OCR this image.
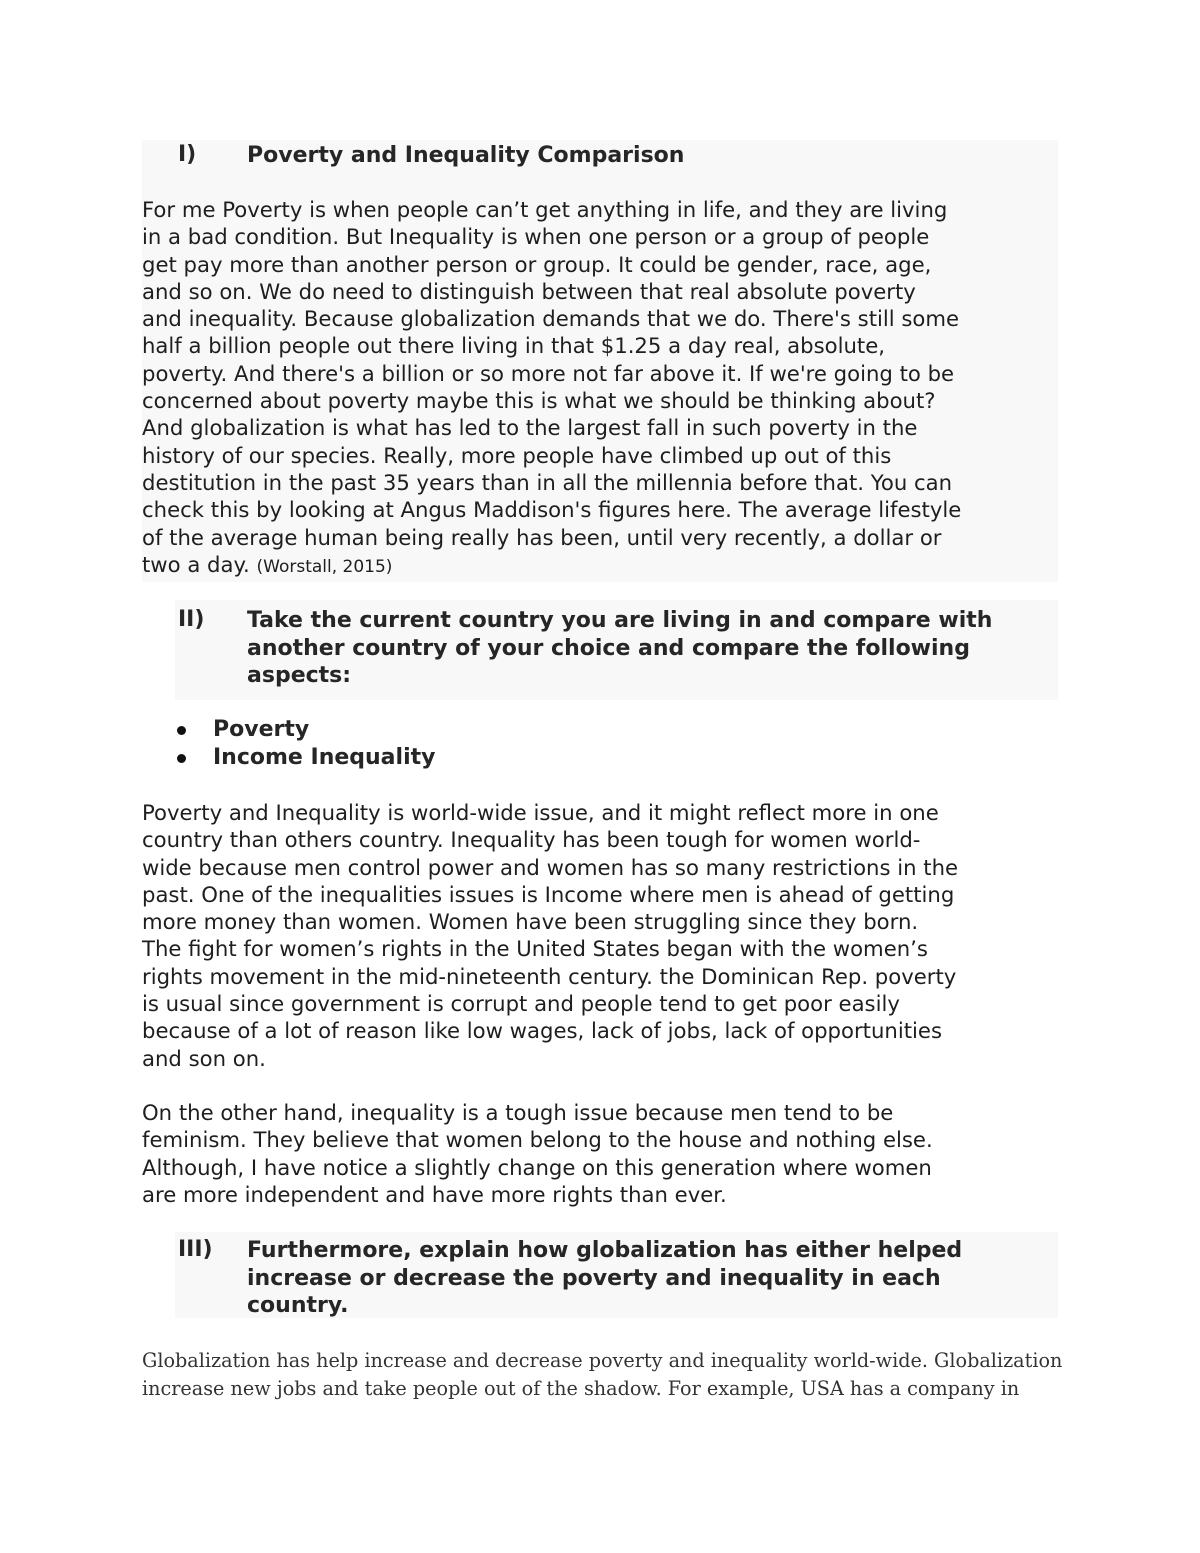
I) Poverty and Inequality Comparison
For me Poverty is when people can’t get anything in life, and they are living
in a bad condition. But Inequality is when one person or a group of people
get pay more than another person or group. It could be gender, race, age,
and so on. We do need to distinguish between that real absolute poverty
and inequality. Because globalization demands that we do. There's still some
half a billion people out there living in that $1.25 a day real, absolute,
poverty. And there's a billion or so more not far above it. If we're going to be
concerned about poverty maybe this is what we should be thinking about?
And globalization is what has led to the largest fall in such poverty in the
history of our species. Really, more people have climbed up out of this
destitution in the past 35 years than in all the millennia before that. You can
check this by looking at Angus Maddison's figures here. The average lifestyle
of the average human being really has been, until very recently, a dollar or
two a day. (Worstall, 2015)
II) Take the current country you are living in and compare with
another country of your choice and compare the following
aspects:
Poverty
Income Inequality
Poverty and Inequality is world-wide issue, and it might reflect more in one
country than others country. Inequality has been tough for women world-
wide because men control power and women has so many restrictions in the
past. One of the inequalities issues is Income where men is ahead of getting
more money than women. Women have been struggling since they born.
The fight for women’s rights in the United States began with the women’s
rights movement in the mid-nineteenth century. the Dominican Rep. poverty
is usual since government is corrupt and people tend to get poor easily
because of a lot of reason like low wages, lack of jobs, lack of opportunities
and son on.
On the other hand, inequality is a tough issue because men tend to be
feminism. They believe that women belong to the house and nothing else.
Although, I have notice a slightly change on this generation where women
are more independent and have more rights than ever.
III) Furthermore, explain how globalization has either helped
increase or decrease the poverty and inequality in each
country.
Globalization has help increase and decrease poverty and inequality world-wide. Globalization
increase new jobs and take people out of the shadow. For example, USA has a company in
